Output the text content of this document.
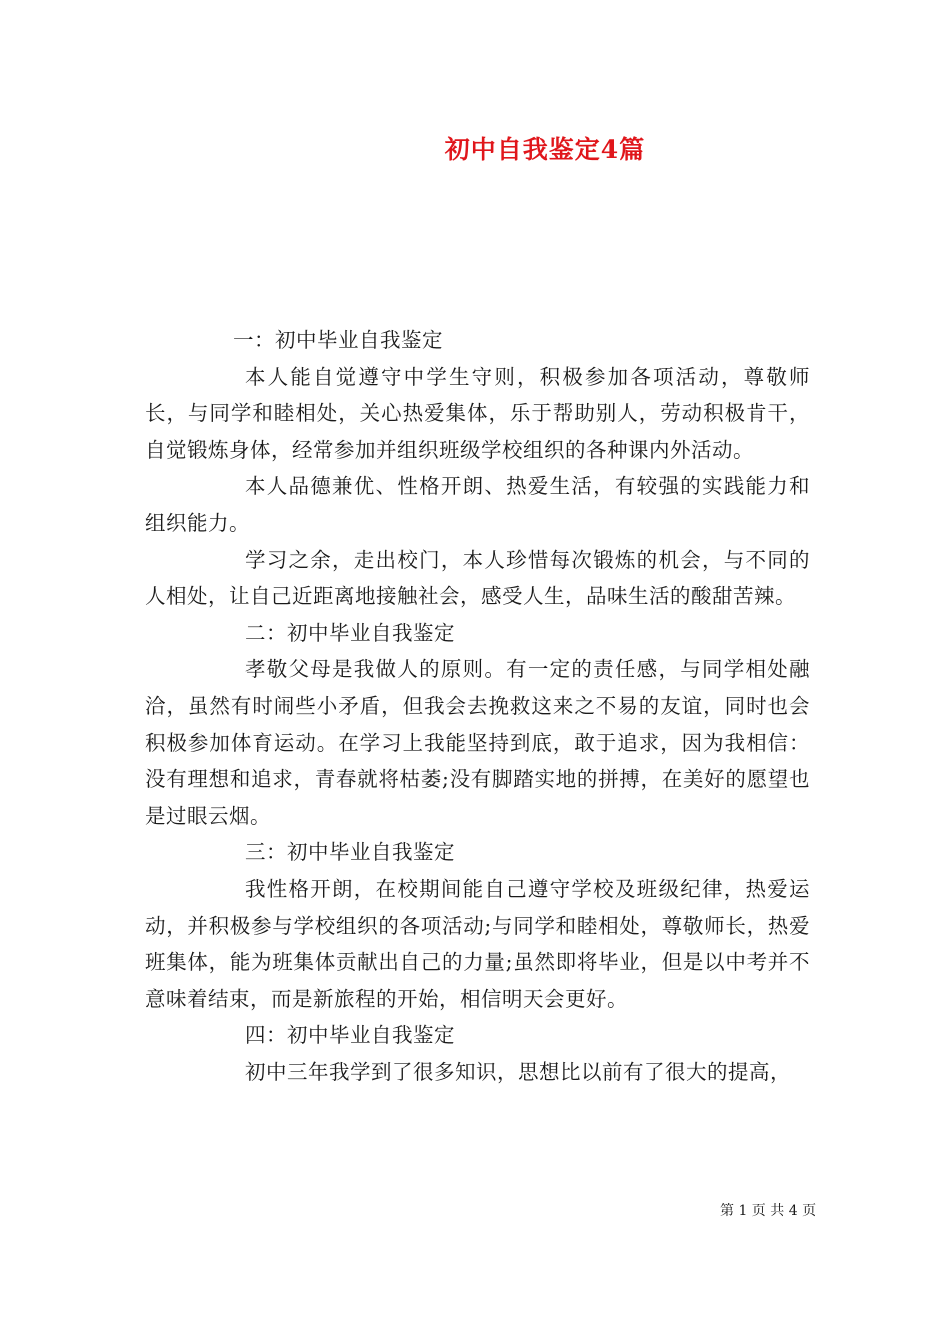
初中自我鉴定4篇

一：初中毕业自我鉴定

本人能自觉遵守中学生守则，积极参加各项活动，尊敬师长，与同学和睦相处，关心热爱集体，乐于帮助别人，劳动积极肯干，自觉锻炼身体，经常参加并组织班级学校组织的各种课内外活动。

本人品德兼优、性格开朗、热爱生活，有较强的实践能力和组织能力。

学习之余，走出校门，本人珍惜每次锻炼的机会，与不同的人相处，让自己近距离地接触社会，感受人生，品味生活的酸甜苦辣。

二：初中毕业自我鉴定

孝敬父母是我做人的原则。有一定的责任感，与同学相处融洽，虽然有时闹些小矛盾，但我会去挽救这来之不易的友谊，同时也会积极参加体育运动。在学习上我能坚持到底，敢于追求，因为我相信：没有理想和追求，青春就将枯萎;没有脚踏实地的拼搏，在美好的愿望也是过眼云烟。

三：初中毕业自我鉴定

我性格开朗，在校期间能自己遵守学校及班级纪律，热爱运动，并积极参与学校组织的各项活动;与同学和睦相处，尊敬师长，热爱班集体，能为班集体贡献出自己的力量;虽然即将毕业，但是以中考并不意味着结束，而是新旅程的开始，相信明天会更好。

四：初中毕业自我鉴定

初中三年我学到了很多知识，思想比以前有了很大的提高，

第 1 页 共 4 页
